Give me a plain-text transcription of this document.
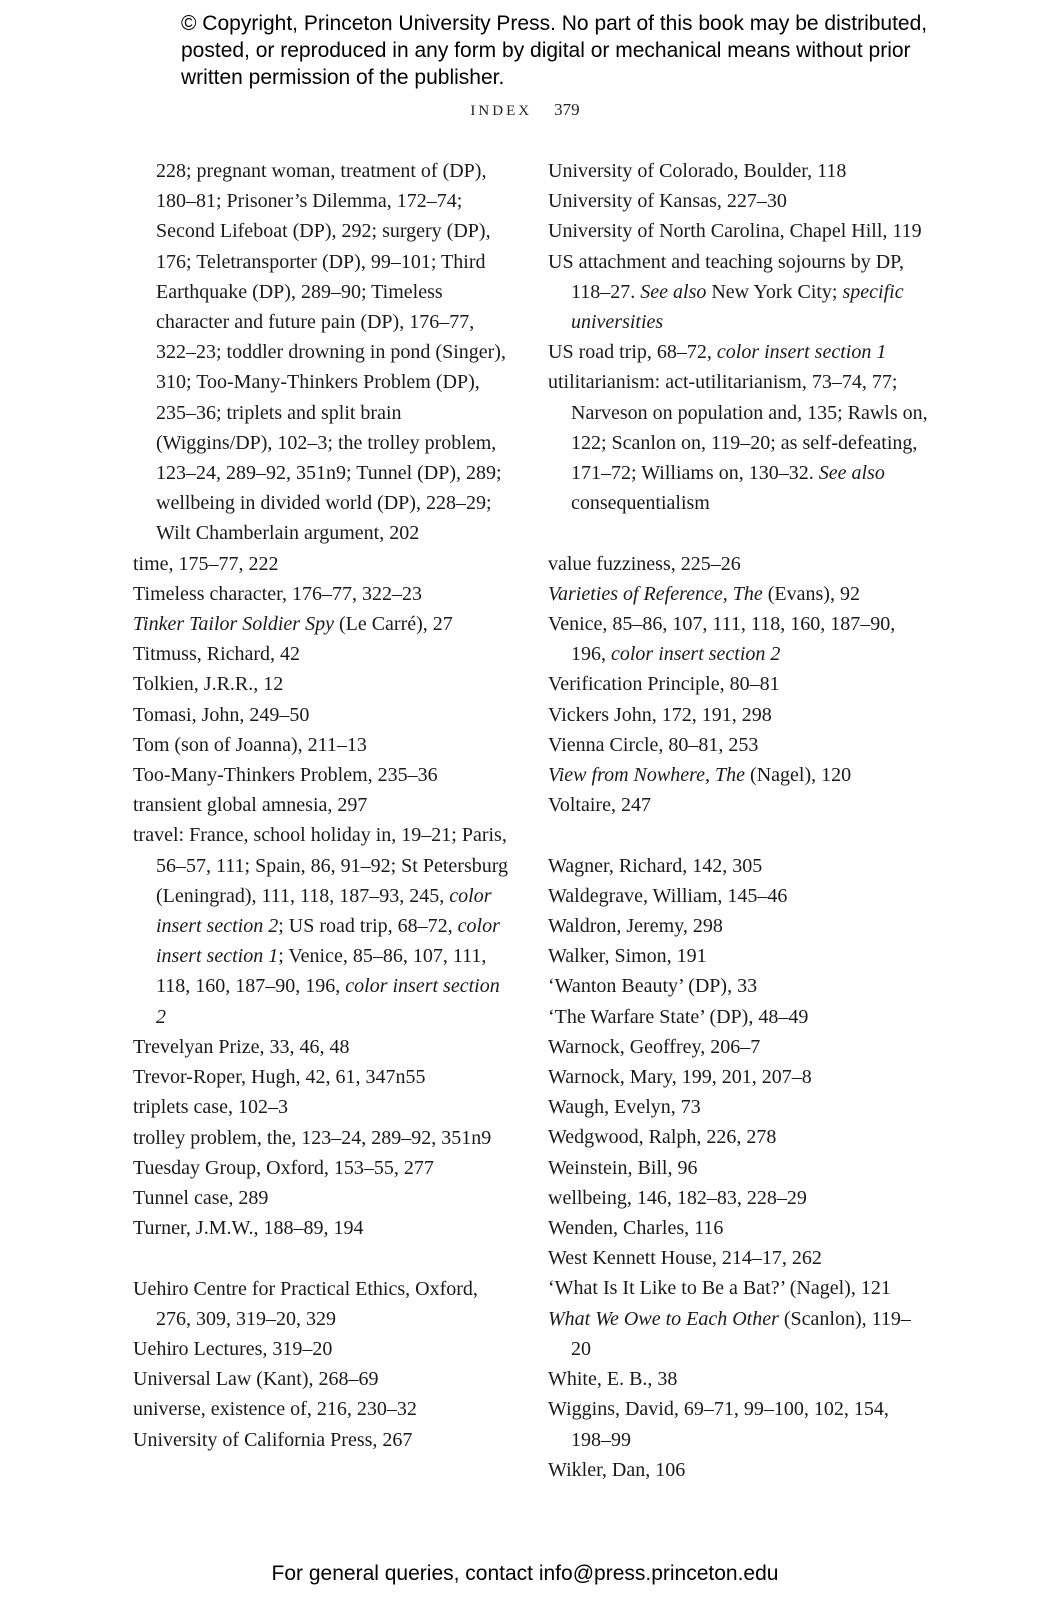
© Copyright, Princeton University Press. No part of this book may be distributed, posted, or reproduced in any form by digital or mechanical means without prior written permission of the publisher.
INDEX 379

228; pregnant woman, treatment of (DP), 180–81; Prisoner’s Dilemma, 172–74; Second Lifeboat (DP), 292; surgery (DP), 176; Teletransporter (DP), 99–101; Third Earthquake (DP), 289–90; Timeless character and future pain (DP), 176–77, 322–23; toddler drowning in pond (Singer), 310; Too-Many-Thinkers Problem (DP), 235–36; triplets and split brain (Wiggins/DP), 102–3; the trolley problem, 123–24, 289–92, 351n9; Tunnel (DP), 289; wellbeing in divided world (DP), 228–29; Wilt Chamberlain argument, 202

time, 175–77, 222

Timeless character, 176–77, 322–23

Tinker Tailor Soldier Spy (Le Carré), 27

Titmuss, Richard, 42

Tolkien, J.R.R., 12

Tomasi, John, 249–50

Tom (son of Joanna), 211–13

Too-Many-Thinkers Problem, 235–36

transient global amnesia, 297

travel: France, school holiday in, 19–21; Paris, 56–57, 111; Spain, 86, 91–92; St Petersburg (Leningrad), 111, 118, 187–93, 245, color insert section 2; US road trip, 68–72, color insert section 1; Venice, 85–86, 107, 111, 118, 160, 187–90, 196, color insert section 2

Trevelyan Prize, 33, 46, 48

Trevor-Roper, Hugh, 42, 61, 347n55

triplets case, 102–3

trolley problem, the, 123–24, 289–92, 351n9

Tuesday Group, Oxford, 153–55, 277

Tunnel case, 289

Turner, J.M.W., 188–89, 194

Uehiro Centre for Practical Ethics, Oxford, 276, 309, 319–20, 329

Uehiro Lectures, 319–20

Universal Law (Kant), 268–69

universe, existence of, 216, 230–32

University of California Press, 267

University of Colorado, Boulder, 118

University of Kansas, 227–30

University of North Carolina, Chapel Hill, 119

US attachment and teaching sojourns by DP, 118–27. See also New York City; specific universities

US road trip, 68–72, color insert section 1

utilitarianism: act-utilitarianism, 73–74, 77; Narveson on population and, 135; Rawls on, 122; Scanlon on, 119–20; as self-defeating, 171–72; Williams on, 130–32. See also consequentialism

value fuzziness, 225–26

Varieties of Reference, The (Evans), 92

Venice, 85–86, 107, 111, 118, 160, 187–90, 196, color insert section 2

Verification Principle, 80–81

Vickers John, 172, 191, 298

Vienna Circle, 80–81, 253

View from Nowhere, The (Nagel), 120

Voltaire, 247

Wagner, Richard, 142, 305

Waldegrave, William, 145–46

Waldron, Jeremy, 298

Walker, Simon, 191

‘Wanton Beauty’ (DP), 33

‘The Warfare State’ (DP), 48–49

Warnock, Geoffrey, 206–7

Warnock, Mary, 199, 201, 207–8

Waugh, Evelyn, 73

Wedgwood, Ralph, 226, 278

Weinstein, Bill, 96

wellbeing, 146, 182–83, 228–29

Wenden, Charles, 116

West Kennett House, 214–17, 262

‘What Is It Like to Be a Bat?’ (Nagel), 121

What We Owe to Each Other (Scanlon), 119–20

White, E. B., 38

Wiggins, David, 69–71, 99–100, 102, 154, 198–99

Wikler, Dan, 106

For general queries, contact info@press.princeton.edu
